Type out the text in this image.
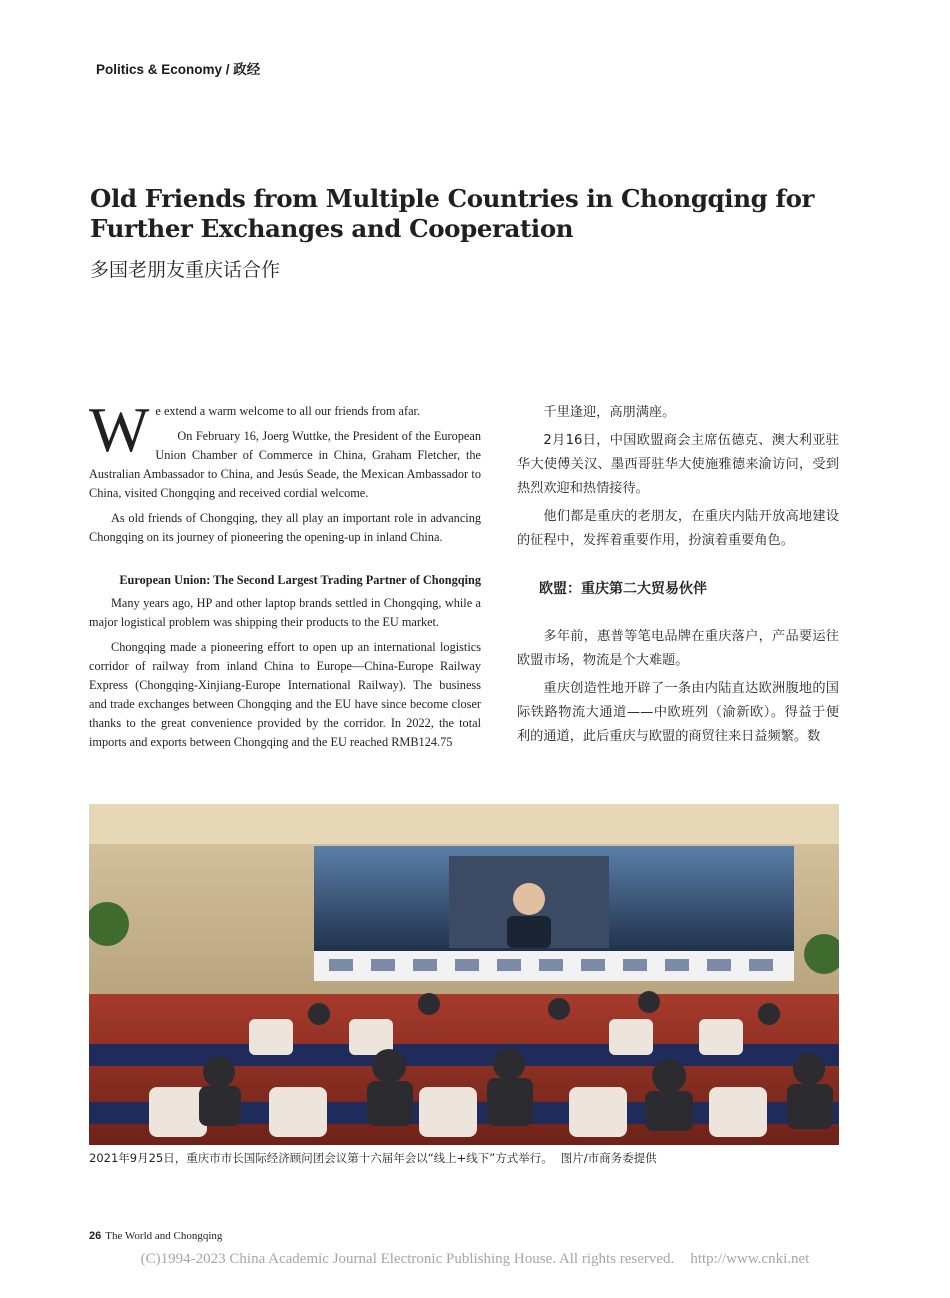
Politics & Economy / 政经
Old Friends from Multiple Countries in Chongqing for Further Exchanges and Cooperation
多国老朋友重庆话合作

We extend a warm welcome to all our friends from afar.

On February 16, Joerg Wuttke, the President of the European Union Chamber of Commerce in China, Graham Fletcher, the Australian Ambassador to China, and Jesús Seade, the Mexican Ambassador to China, visited Chongqing and received cordial welcome.

As old friends of Chongqing, they all play an important role in advancing Chongqing on its journey of pioneering the opening-up in inland China.

European Union: The Second Largest Trading Partner of Chongqing

Many years ago, HP and other laptop brands settled in Chongqing, while a major logistical problem was shipping their products to the EU market.

Chongqing made a pioneering effort to open up an international logistics corridor of railway from inland China to Europe—China-Europe Railway Express (Chongqing-Xinjiang-Europe International Railway). The business and trade exchanges between Chongqing and the EU have since become closer thanks to the great convenience provided by the corridor. In 2022, the total imports and exports between Chongqing and the EU reached RMB124.75

千里逢迎，高朋满座。

2月16日，中国欧盟商会主席伍德克、澳大利亚驻华大使傅关汉、墨西哥驻华大使施雅德来渝访问，受到热烈欢迎和热情接待。

他们都是重庆的老朋友，在重庆内陆开放高地建设的征程中，发挥着重要作用，扮演着重要角色。

欧盟：重庆第二大贸易伙伴

多年前，惠普等笔电品牌在重庆落户，产品要运往欧盟市场，物流是个大难题。

重庆创造性地开辟了一条由内陆直达欧洲腹地的国际铁路物流大通道——中欧班列（渝新欧）。得益于便利的通道，此后重庆与欧盟的商贸往来日益频繁。数

2021年9月25日，重庆市市长国际经济顾问团会议第十六届年会以“线上+线下”方式举行。 图片/市商务委提供
26 The World and Chongqing
(C)1994-2023 China Academic Journal Electronic Publishing House. All rights reserved. http://www.cnki.net
